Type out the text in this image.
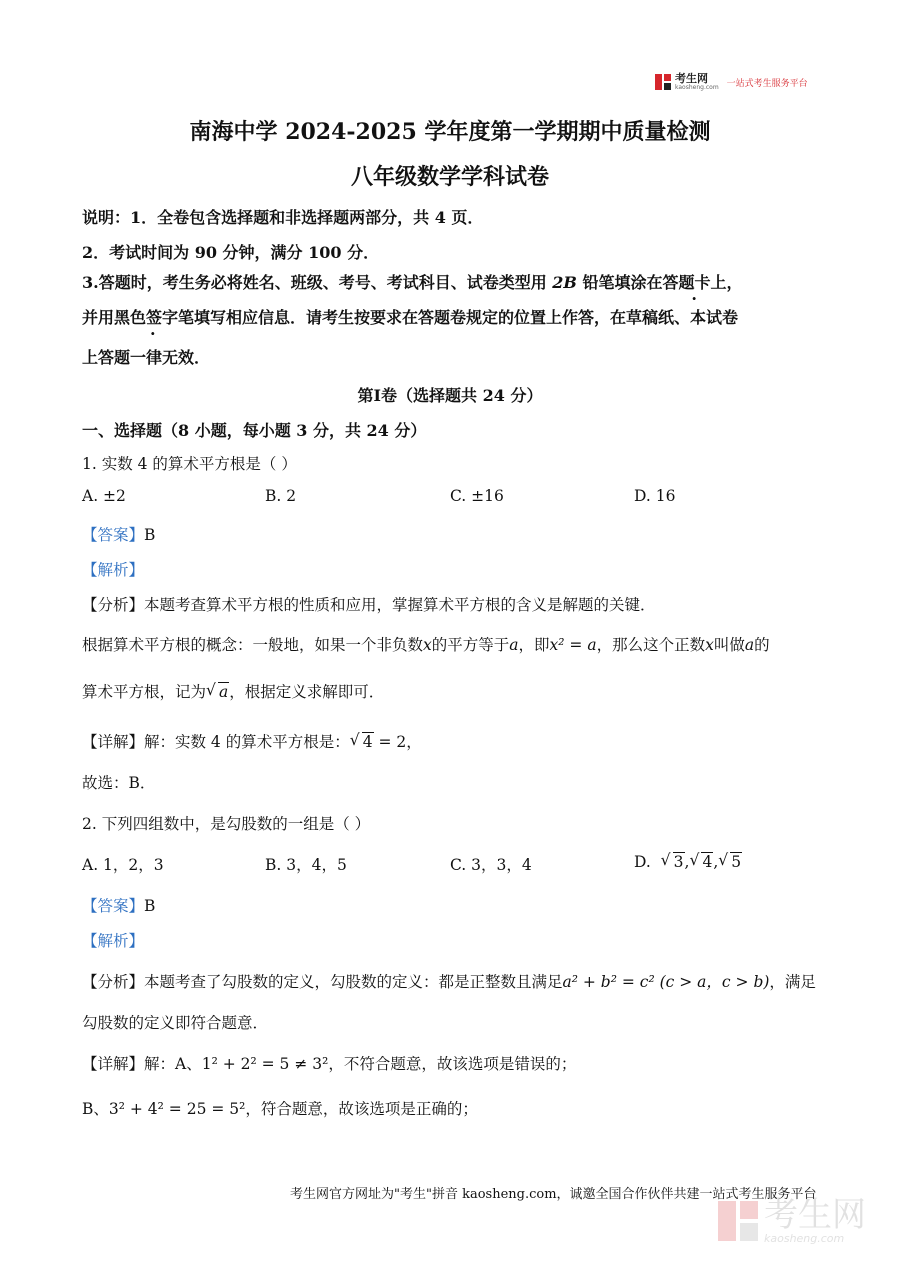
考生网
kaosheng.com 一站式考生服务平台
南海中学 2024-2025 学年度第一学期期中质量检测
八年级数学学科试卷
说明：1．全卷包含选择题和非选择题两部分，共 4 页．
2．考试时间为 90 分钟，满分 100 分．
3.答题时，考生务必将姓名、班级、考号、考试科目、试卷类型用 2B 铅笔填涂在答题卡上，
并用黑色签字笔 .填写相应信息．请考生按要求在答题卷规定的位置上作答，在草稿纸、本试卷
上答题一律无效．
第Ⅰ卷（选择题共 24 分）
一、选择题（8 小题，每小题 3 分，共 24 分）
1. 实数 4 的算术平方根是（ ）
A. ±2	B. 2	C. ±16	D. 16
【答案】B
【解析】
【分析】本题考查算术平方根的性质和应用，掌握算术平方根的含义是解题的关键．
根据算术平方根的概念：一般地，如果一个非负数x的平方等于a，即x² = a，那么这个正数x叫做a的
算术平方根，记为 √ a，根据定义求解即可．
【详解】解：实数 4 的算术平方根是： √ 4 = 2，
故选：B．
2. 下列四组数中，是勾股数的一组是（ ）
A. 1，2，3	B. 3，4，5	C. 3，3，4	D. √ 3, √ 4, √ 5
【答案】B
【解析】
【分析】本题考查了勾股数的定义，勾股数的定义：都是正整数且满足a² + b² = c² (c > a，c > b)，满足
勾股数的定义即符合题意．
【详解】解：A、1² + 2² = 5 ≠ 3²，不符合题意，故该选项是错误的；
B、3² + 4² = 25 = 5²，符合题意，故该选项是正确的；
考生网官方网址为"考生"拼音 kaosheng.com，诚邀全国合作伙伴共建一站式考生服务平台
考生网
kaosheng.com
